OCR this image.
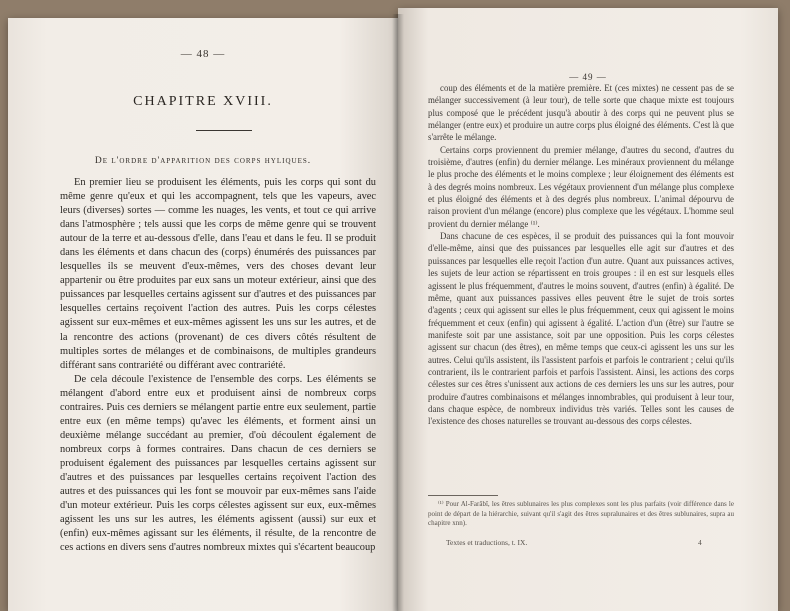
— 48 —
CHAPITRE XVIII.
De l'ordre d'apparition des corps hyliques.

En premier lieu se produisent les éléments, puis les corps qui sont du même genre qu'eux et qui les accompagnent, tels que les vapeurs, avec leurs (diverses) sortes — comme les nuages, les vents, et tout ce qui arrive dans l'atmosphère ; tels aussi que les corps de même genre qui se trouvent autour de la terre et au-dessous d'elle, dans l'eau et dans le feu. Il se produit dans les éléments et dans chacun des (corps) énumérés des puissances par lesquelles ils se meuvent d'eux-mêmes, vers des choses devant leur appartenir ou être produites par eux sans un moteur extérieur, ainsi que des puissances par lesquelles certains agissent sur d'autres et des puissances par lesquelles certains reçoivent l'action des autres. Puis les corps célestes agissent sur eux-mêmes et eux-mêmes agissent les uns sur les autres, et de la rencontre des actions (provenant) de ces divers côtés résultent de multiples sortes de mélanges et de combinaisons, de multiples grandeurs différant sans contrariété ou différant avec contrariété.

De cela découle l'existence de l'ensemble des corps. Les éléments se mélangent d'abord entre eux et produisent ainsi de nombreux corps contraires. Puis ces derniers se mélangent partie entre eux seulement, partie entre eux (en même temps) qu'avec les éléments, et forment ainsi un deuxième mélange succédant au premier, d'où découlent également de nombreux corps à formes contraires. Dans chacun de ces derniers se produisent également des puissances par lesquelles certains agissent sur d'autres et des puissances par lesquelles certains reçoivent l'action des autres et des puissances qui les font se mouvoir par eux-mêmes sans l'aide d'un moteur extérieur. Puis les corps célestes agissent sur eux, eux-mêmes agissent les uns sur les autres, les éléments agissent (aussi) sur eux et (enfin) eux-mêmes agissant sur les éléments, il résulte, de la rencontre de ces actions en divers sens d'autres nombreux mixtes qui s'écartent beaucoup

— 49 —

coup des éléments et de la matière première. Et (ces mixtes) ne cessent pas de se mélanger successivement (à leur tour), de telle sorte que chaque mixte est toujours plus composé que le précédent jusqu'à aboutir à des corps qui ne peuvent plus se mélanger (entre eux) et produire un autre corps plus éloigné des éléments. C'est là que s'arrête le mélange.

Certains corps proviennent du premier mélange, d'autres du second, d'autres du troisième, d'autres (enfin) du dernier mélange. Les minéraux proviennent du mélange le plus proche des éléments et le moins complexe ; leur éloignement des éléments est à des degrés moins nombreux. Les végétaux proviennent d'un mélange plus complexe et plus éloigné des éléments et à des degrés plus nombreux. L'animal dépourvu de raison provient d'un mélange (encore) plus complexe que les végétaux. L'homme seul provient du dernier mélange ⁽¹⁾.

Dans chacune de ces espèces, il se produit des puissances qui la font mouvoir d'elle-même, ainsi que des puissances par lesquelles elle agit sur d'autres et des puissances par lesquelles elle reçoit l'action d'un autre. Quant aux puissances actives, les sujets de leur action se répartissent en trois groupes : il en est sur lesquels elles agissent le plus fréquemment, d'autres le moins souvent, d'autres (enfin) à égalité. De même, quant aux puissances passives elles peuvent être le sujet de trois sortes d'agents ; ceux qui agissent sur elles le plus fréquemment, ceux qui agissent le moins fréquemment et ceux (enfin) qui agissent à égalité. L'action d'un (être) sur l'autre se manifeste soit par une assistance, soit par une opposition. Puis les corps célestes agissent sur chacun (des êtres), en même temps que ceux-ci agissent les uns sur les autres. Celui qu'ils assistent, ils l'assistent parfois et parfois le contrarient ; celui qu'ils contrarient, ils le contrarient parfois et parfois l'assistent. Ainsi, les actions des corps célestes sur ces êtres s'unissent aux actions de ces derniers les uns sur les autres, pour produire d'autres combinaisons et mélanges innombrables, qui produisent à leur tour, dans chaque espèce, de nombreux individus très variés. Telles sont les causes de l'existence des choses naturelles se trouvant au-dessous des corps célestes.

⁽¹⁾ Pour Al-Farâbî, les êtres sublunaires les plus complexes sont les plus parfaits (voir différence dans le point de départ de la hiérarchie, suivant qu'il s'agit des êtres supralunaires et des êtres sublunaires, supra au chapitre xnn).

Textes et traductions, t. IX.	4
